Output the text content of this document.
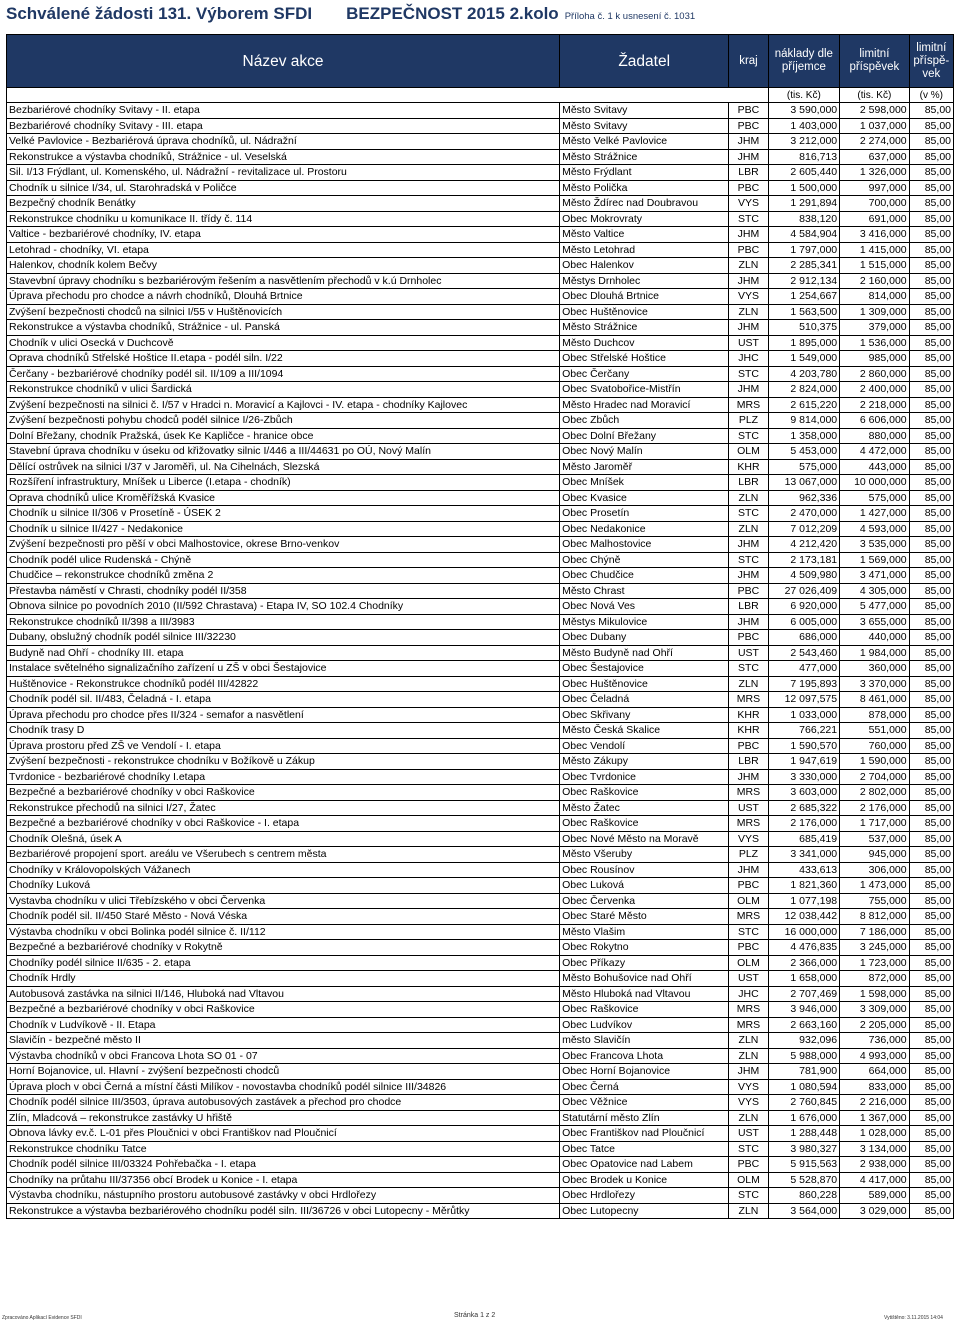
Schválené žádosti 131. Výborem SFDI BEZPEČNOST 2015 2.kolo Příloha č. 1 k usnesení č. 1031
Název akce	Žadatel	kraj	náklady dle příjemce	limitní příspěvek	limitní příspě-vek
			(tis. Kč)	(tis. Kč)	(v %)
Bezbariérové chodníky Svitavy - II. etapa	Město Svitavy	PBC	3 590,000	2 598,000	85,00
Bezbariérové chodníky Svitavy - III. etapa	Město Svitavy	PBC	1 403,000	1 037,000	85,00
Velké Pavlovice - Bezbariérová úprava chodníků, ul. Nádražní	Město Velké Pavlovice	JHM	3 212,000	2 274,000	85,00
Rekonstrukce a výstavba chodníků, Strážnice - ul. Veselská	Město Strážnice	JHM	816,713	637,000	85,00
Sil. I/13 Frýdlant, ul. Komenského, ul. Nádražní - revitalizace ul. Prostoru	Město Frýdlant	LBR	2 605,440	1 326,000	85,00
Chodník u silnice I/34, ul. Starohradská v Poličce	Město Polička	PBC	1 500,000	997,000	85,00
Bezpečný chodník Benátky	Město Ždírec nad Doubravou	VYS	1 291,894	700,000	85,00
Rekonstrukce chodníku u komunikace II. třídy č. 114	Obec Mokrovraty	STC	838,120	691,000	85,00
Valtice - bezbariérové chodníky, IV. etapa	Město Valtice	JHM	4 584,904	3 416,000	85,00
Letohrad - chodníky, VI. etapa	Město Letohrad	PBC	1 797,000	1 415,000	85,00
Halenkov, chodník kolem Bečvy	Obec Halenkov	ZLN	2 285,341	1 515,000	85,00
Stavevbní úpravy chodníku s bezbariérovým řešením a nasvětlením přechodů v k.ú Drnholec	Městys Drnholec	JHM	2 912,134	2 160,000	85,00
Úprava přechodu pro chodce a návrh chodníků, Dlouhá Brtnice	Obec Dlouhá Brtnice	VYS	1 254,667	814,000	85,00
Zvýšení bezpečnosti chodců na silnici I/55 v Huštěnovicích	Obec Huštěnovice	ZLN	1 563,500	1 309,000	85,00
Rekonstrukce a výstavba chodníků, Strážnice - ul. Panská	Město Strážnice	JHM	510,375	379,000	85,00
Chodník v ulici Osecká v Duchcově	Město Duchcov	UST	1 895,000	1 536,000	85,00
Oprava chodníků Střelské Hoštice II.etapa - podél siln. I/22	Obec Střelské Hoštice	JHC	1 549,000	985,000	85,00
Čerčany - bezbariérové chodníky podél sil. II/109 a III/1094	Obec Čerčany	STC	4 203,780	2 860,000	85,00
Rekonstrukce chodníků v ulici Šardická	Obec Svatobořice-Mistřín	JHM	2 824,000	2 400,000	85,00
Zvýšení bezpečnosti na silnici č. I/57 v Hradci n. Moravicí a Kajlovci - IV. etapa - chodníky Kajlovec	Město Hradec nad Moravicí	MRS	2 615,220	2 218,000	85,00
Zvýšení bezpečnosti pohybu chodců podél silnice I/26-Zbůch	Obec Zbůch	PLZ	9 814,000	6 606,000	85,00
Dolní Břežany, chodník Pražská, úsek Ke Kapličce - hranice obce	Obec Dolní Břežany	STC	1 358,000	880,000	85,00
Stavební úprava chodníku v úseku od křižovatky silnic I/446 a III/44631 po OÚ, Nový Malín	Obec Nový Malín	OLM	5 453,000	4 472,000	85,00
Dělící ostrůvek na silnici I/37 v Jaroměři, ul. Na Cihelnách, Slezská	Město Jaroměř	KHR	575,000	443,000	85,00
Rozšíření infrastruktury, Mníšek u Liberce (I.etapa - chodník)	Obec Mníšek	LBR	13 067,000	10 000,000	85,00
Oprava chodníků ulice Kroměřížská Kvasice	Obec Kvasice	ZLN	962,336	575,000	85,00
Chodník u silnice II/306 v Prosetíně - ÚSEK 2	Obec Prosetín	STC	2 470,000	1 427,000	85,00
Chodník u silnice II/427 - Nedakonice	Obec Nedakonice	ZLN	7 012,209	4 593,000	85,00
Zvýšení bezpečnosti pro pěší v obci Malhostovice, okrese Brno-venkov	Obec Malhostovice	JHM	4 212,420	3 535,000	85,00
Chodník podél ulice Rudenská - Chýně	Obec Chýně	STC	2 173,181	1 569,000	85,00
Chudčice – rekonstrukce chodníků změna 2	Obec Chudčice	JHM	4 509,980	3 471,000	85,00
Přestavba náměstí v Chrasti, chodníky podél II/358	Město Chrast	PBC	27 026,409	4 305,000	85,00
Obnova silnice po povodních 2010 (II/592 Chrastava) - Etapa IV, SO 102.4 Chodníky	Obec Nová Ves	LBR	6 920,000	5 477,000	85,00
Rekonstrukce chodníků II/398 a III/3983	Městys Mikulovice	JHM	6 005,000	3 655,000	85,00
Dubany, obslužný chodník podél silnice III/32230	Obec Dubany	PBC	686,000	440,000	85,00
Budyně nad Ohří - chodníky III. etapa	Město Budyně nad Ohří	UST	2 543,460	1 984,000	85,00
Instalace světelného signalizačního zařízení u ZŠ v obci Šestajovice	Obec Šestajovice	STC	477,000	360,000	85,00
Huštěnovice - Rekonstrukce chodníků podél III/42822	Obec Huštěnovice	ZLN	7 195,893	3 370,000	85,00
Chodník podél sil. II/483, Čeladná - I. etapa	Obec Čeladná	MRS	12 097,575	8 461,000	85,00
Úprava přechodu pro chodce přes II/324 - semafor a nasvětlení	Obec Skřivany	KHR	1 033,000	878,000	85,00
Chodník trasy D	Město Česká Skalice	KHR	766,221	551,000	85,00
Úprava prostoru před ZŠ ve Vendolí - I. etapa	Obec Vendolí	PBC	1 590,570	760,000	85,00
Zvýšení bezpečnosti - rekonstrukce chodníku v Božíkově u Zákup	Město Zákupy	LBR	1 947,619	1 590,000	85,00
Tvrdonice - bezbariérové chodníky I.etapa	Obec Tvrdonice	JHM	3 330,000	2 704,000	85,00
Bezpečné a bezbariérové chodníky v obci Raškovice	Obec Raškovice	MRS	3 603,000	2 802,000	85,00
Rekonstrukce přechodů na silnici I/27, Žatec	Město Žatec	UST	2 685,322	2 176,000	85,00
Bezpečné a bezbariérové chodníky v obci Raškovice - I. etapa	Obec Raškovice	MRS	2 176,000	1 717,000	85,00
Chodník Olešná, úsek A	Obec Nové Město na Moravě	VYS	685,419	537,000	85,00
Bezbariérové propojení sport. areálu ve Všerubech s centrem města	Město Všeruby	PLZ	3 341,000	945,000	85,00
Chodníky v Královopolských Vážanech	Obec Rousínov	JHM	433,613	306,000	85,00
Chodníky Luková	Obec Luková	PBC	1 821,360	1 473,000	85,00
Vystavba chodníku v ulici Třebízského v obci Červenka	Obec Červenka	OLM	1 077,198	755,000	85,00
Chodník podél sil. II/450 Staré Město - Nová Véska	Obec Staré Město	MRS	12 038,442	8 812,000	85,00
Výstavba chodníku v obci Bolinka podél silnice č. II/112	Město Vlašim	STC	16 000,000	7 186,000	85,00
Bezpečné a bezbariérové chodníky v Rokytně	Obec Rokytno	PBC	4 476,835	3 245,000	85,00
Chodníky podél silnice II/635 - 2. etapa	Obec Příkazy	OLM	2 366,000	1 723,000	85,00
Chodník Hrdly	Město Bohušovice nad Ohří	UST	1 658,000	872,000	85,00
Autobusová zastávka na silnici II/146, Hluboká nad Vltavou	Město Hluboká nad Vltavou	JHC	2 707,469	1 598,000	85,00
Bezpečné a bezbariérové chodníky v obci Raškovice	Obec Raškovice	MRS	3 946,000	3 309,000	85,00
Chodník v Ludvíkově - II. Etapa	Obec Ludvíkov	MRS	2 663,160	2 205,000	85,00
Slavičín - bezpečné město II	město Slavičín	ZLN	932,096	736,000	85,00
Výstavba chodníků v obci Francova Lhota SO 01 - 07	Obec Francova Lhota	ZLN	5 988,000	4 993,000	85,00
Horní Bojanovice, ul. Hlavní - zvýšení bezpečnosti chodců	Obec Horní Bojanovice	JHM	781,900	664,000	85,00
Úprava ploch v obci Černá a místní části Milíkov - novostavba chodníků podél silnice III/34826	Obec Černá	VYS	1 080,594	833,000	85,00
Chodník podél silnice III/3503, úprava autobusových zastávek a přechod pro chodce	Obec Věžnice	VYS	2 760,845	2 216,000	85,00
Zlín, Mladcová – rekonstrukce zastávky U hřiště	Statutární město Zlín	ZLN	1 676,000	1 367,000	85,00
Obnova lávky ev.č. L-01 přes Ploučnici v obci Františkov nad Ploučnicí	Obec Františkov nad Ploučnicí	UST	1 288,448	1 028,000	85,00
Rekonstrukce chodníku Tatce	Obec Tatce	STC	3 980,327	3 134,000	85,00
Chodník podél silnice III/03324 Pohřebačka - I. etapa	Obec Opatovice nad Labem	PBC	5 915,563	2 938,000	85,00
Chodníky na průtahu III/37356 obcí Brodek u Konice - I. etapa	Obec Brodek u Konice	OLM	5 528,870	4 417,000	85,00
Výstavba chodníku, nástupního prostoru autobusové zastávky v obci Hrdlořezy	Obec Hrdlořezy	STC	860,228	589,000	85,00
Rekonstrukce a výstavba bezbariérového chodníku podél siln. III/36726 v obci Lutopecny - Měrůtky	Obec Lutopecny	ZLN	3 564,000	3 029,000	85,00
Zpracováno Aplikací Evidence SFDI	Stránka 1 z 2	Vytištěno: 3.11.2015 14:04
